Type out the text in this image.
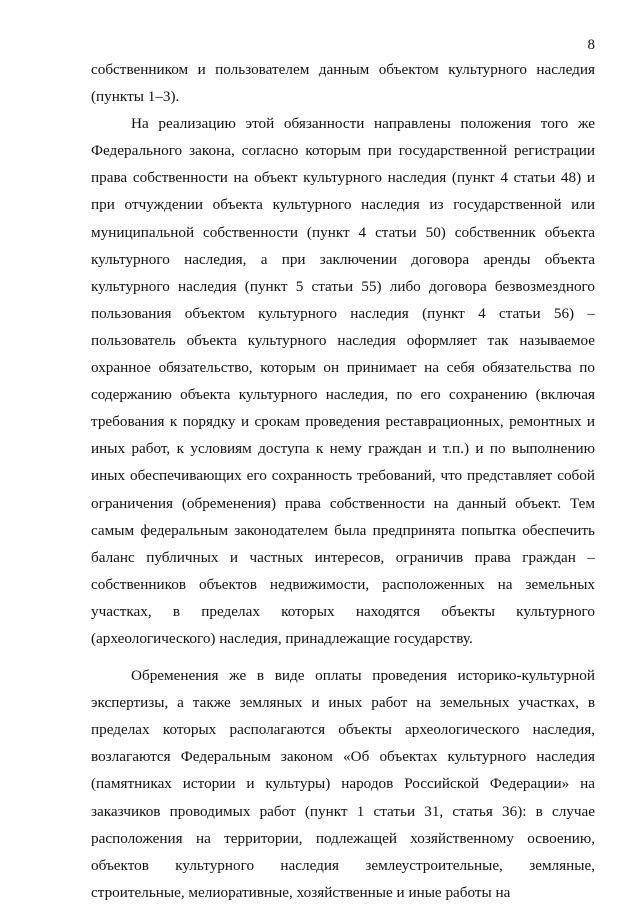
8

собственником и пользователем данным объектом культурного наследия (пункты 1–3).

На реализацию этой обязанности направлены положения того же Федерального закона, согласно которым при государственной регистрации права собственности на объект культурного наследия (пункт 4 статьи 48) и при отчуждении объекта культурного наследия из государственной или муниципальной собственности (пункт 4 статьи 50) собственник объекта культурного наследия, а при заключении договора аренды объекта культурного наследия (пункт 5 статьи 55) либо договора безвозмездного пользования объектом культурного наследия (пункт 4 статьи 56) – пользователь объекта культурного наследия оформляет так называемое охранное обязательство, которым он принимает на себя обязательства по содержанию объекта культурного наследия, по его сохранению (включая требования к порядку и срокам проведения реставрационных, ремонтных и иных работ, к условиям доступа к нему граждан и т.п.) и по выполнению иных обеспечивающих его сохранность требований, что представляет собой ограничения (обременения) права собственности на данный объект. Тем самым федеральным законодателем была предпринята попытка обеспечить баланс публичных и частных интересов, ограничив права граждан – собственников объектов недвижимости, расположенных на земельных участках, в пределах которых находятся объекты культурного (археологического) наследия, принадлежащие государству.

Обременения же в виде оплаты проведения историко-культурной экспертизы, а также земляных и иных работ на земельных участках, в пределах которых располагаются объекты археологического наследия, возлагаются Федеральным законом «Об объектах культурного наследия (памятниках истории и культуры) народов Российской Федерации» на заказчиков проводимых работ (пункт 1 статьи 31, статья 36): в случае расположения на территории, подлежащей хозяйственному освоению, объектов культурного наследия землеустроительные, земляные, строительные, мелиоративные, хозяйственные и иные работы на
